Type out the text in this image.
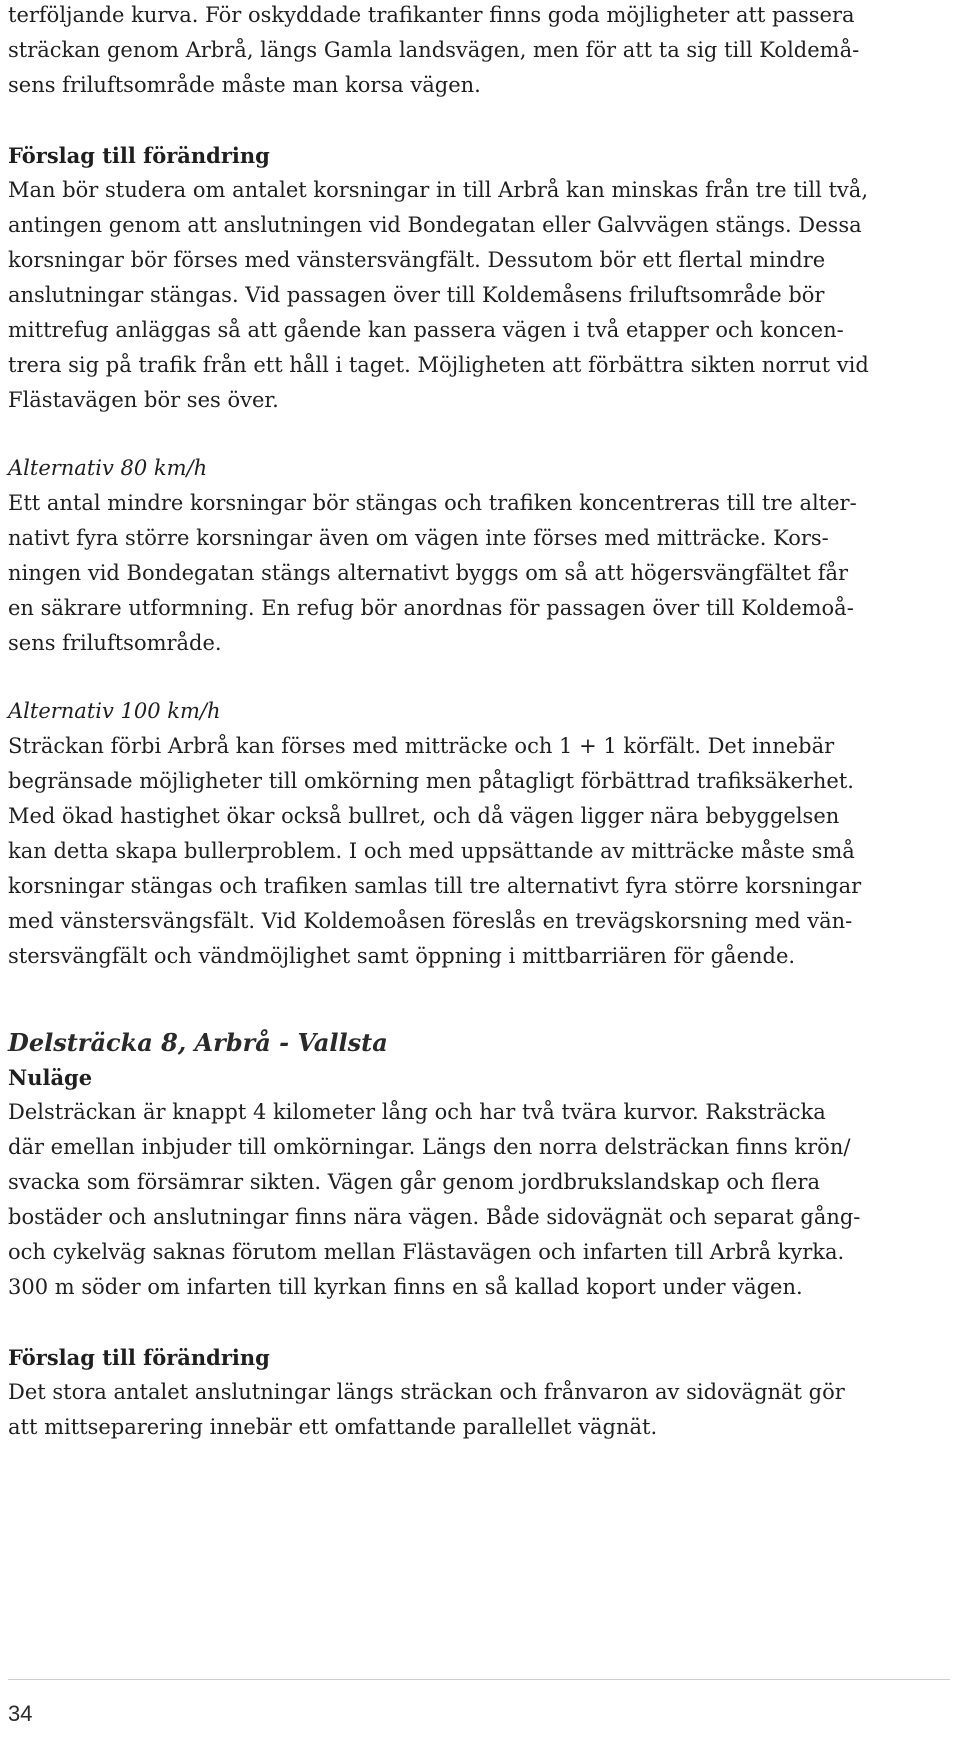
terföljande kurva. För oskyddade trafikanter finns goda möjligheter att passera
sträckan genom Arbrå, längs Gamla landsvägen, men för att ta sig till Koldemå-
sens friluftsområde måste man korsa vägen.

Förslag till förändring

Man bör studera om antalet korsningar in till Arbrå kan minskas från tre till två,
antingen genom att anslutningen vid Bondegatan eller Galvvägen stängs. Dessa
korsningar bör förses med vänstersvängfält. Dessutom bör ett flertal mindre
anslutningar stängas. Vid passagen över till Koldemåsens friluftsområde bör
mittrefug anläggas så att gående kan passera vägen i två etapper och koncen-
trera sig på trafik från ett håll i taget. Möjligheten att förbättra sikten norrut vid
Flästavägen bör ses över.

Alternativ 80 km/h

Ett antal mindre korsningar bör stängas och trafiken koncentreras till tre alter-
nativt fyra större korsningar även om vägen inte förses med mitträcke. Kors-
ningen vid Bondegatan stängs alternativt byggs om så att högersvängfältet får
en säkrare utformning. En refug bör anordnas för passagen över till Koldemoå-
sens friluftsområde.

Alternativ 100 km/h

Sträckan förbi Arbrå kan förses med mitträcke och 1 + 1 körfält. Det innebär
begränsade möjligheter till omkörning men påtagligt förbättrad trafiksäkerhet.
Med ökad hastighet ökar också bullret, och då vägen ligger nära bebyggelsen
kan detta skapa bullerproblem. I och med uppsättande av mitträcke måste små
korsningar stängas och trafiken samlas till tre alternativt fyra större korsningar
med vänstersvängsfält. Vid Koldemoåsen föreslås en trevägskorsning med vän-
stersvängfält och vändmöjlighet samt öppning i mittbarriären för gående.

Delsträcka 8, Arbrå - Vallsta

Nuläge

Delsträckan är knappt 4 kilometer lång och har två tvära kurvor. Raksträcka
där emellan inbjuder till omkörningar. Längs den norra delsträckan finns krön/
svacka som försämrar sikten. Vägen går genom jordbrukslandskap och flera
bostäder och anslutningar finns nära vägen. Både sidovägnät och separat gång-
och cykelväg saknas förutom mellan Flästavägen och infarten till Arbrå kyrka.
300 m söder om infarten till kyrkan finns en så kallad koport under vägen.

Förslag till förändring

Det stora antalet anslutningar längs sträckan och frånvaron av sidovägnät gör
att mittseparering innebär ett omfattande parallellet vägnät.

34
